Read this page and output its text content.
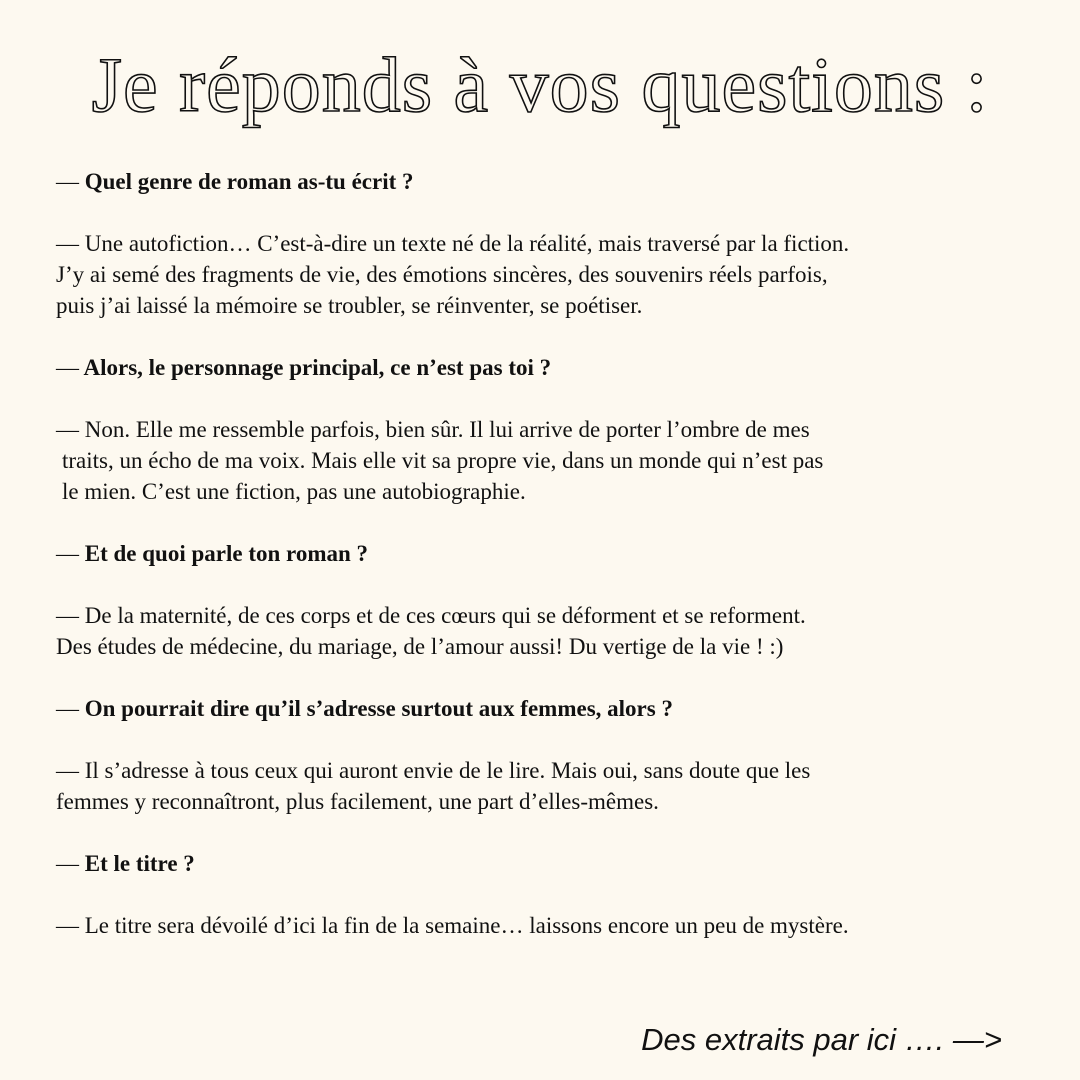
Je réponds à vos questions :
— Quel genre de roman as-tu écrit ?
— Une autofiction… C’est-à-dire un texte né de la réalité, mais traversé par la fiction.
J’y ai semé des fragments de vie, des émotions sincères, des souvenirs réels parfois,
puis j’ai laissé la mémoire se troubler, se réinventer, se poétiser.
— Alors, le personnage principal, ce n’est pas toi ?
— Non. Elle me ressemble parfois, bien sûr. Il lui arrive de porter l’ombre de mes
traits, un écho de ma voix. Mais elle vit sa propre vie, dans un monde qui n’est pas
le mien. C’est une fiction, pas une autobiographie.
— Et de quoi parle ton roman ?
— De la maternité, de ces corps et de ces cœurs qui se déforment et se reforment.
Des études de médecine, du mariage, de l’amour aussi! Du vertige de la vie ! :)
— On pourrait dire qu’il s’adresse surtout aux femmes, alors ?
— Il s’adresse à tous ceux qui auront envie de le lire. Mais oui, sans doute que les
femmes y reconnaîtront, plus facilement, une part d’elles-mêmes.
— Et le titre ?
— Le titre sera dévoilé d’ici la fin de la semaine… laissons encore un peu de mystère.
Des extraits par ici …. —>
